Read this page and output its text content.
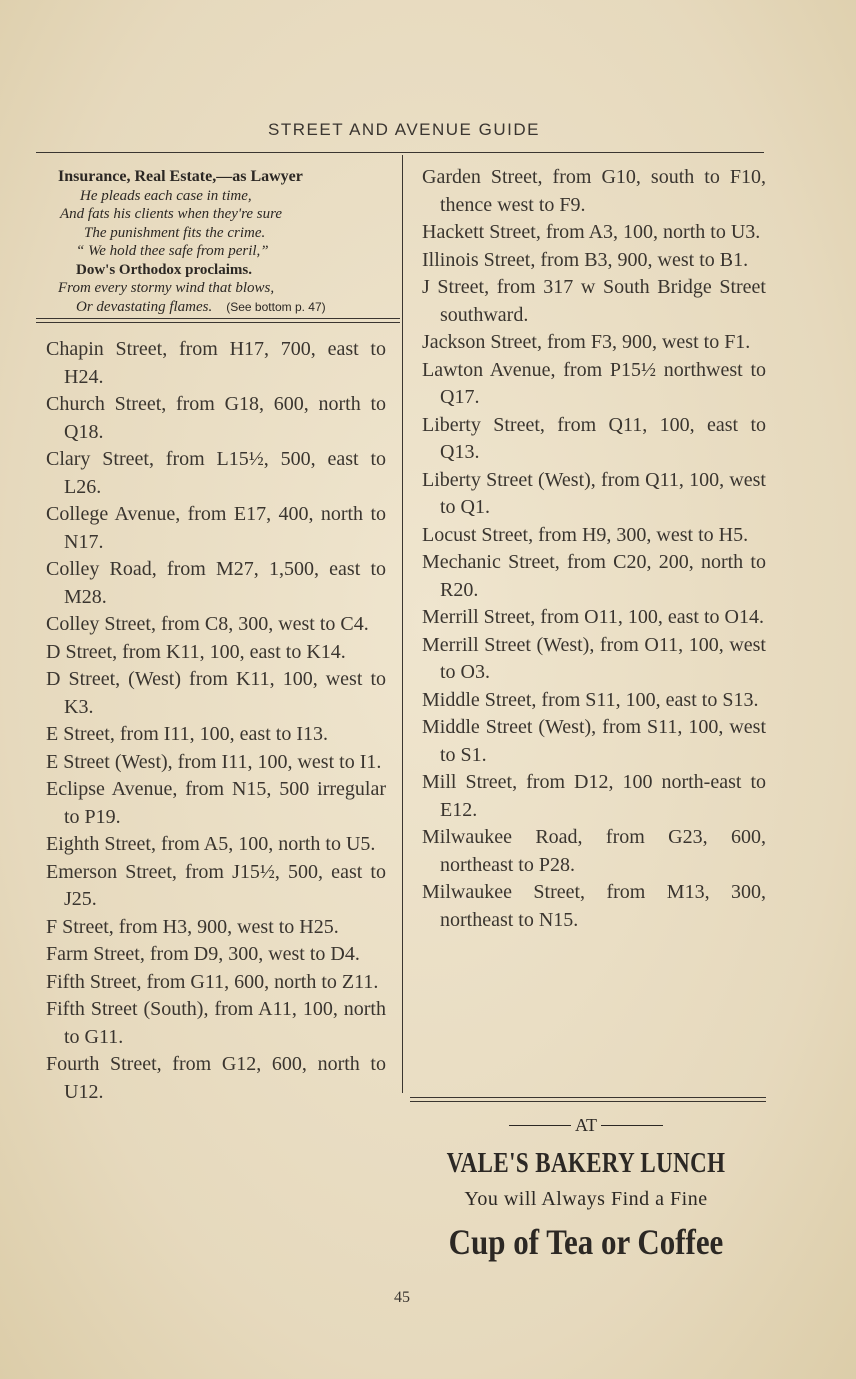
STREET AND AVENUE GUIDE
Insurance, Real Estate,—as Lawyer
He pleads each case in time,
And fats his clients when they're sure
The punishment fits the crime.
“ We hold thee safe from peril,”
Dow's Orthodox proclaims.
From every stormy wind that blows,
Or devastating flames. (See bottom p. 47)
Chapin Street, from H17, 700, east to H24.
Church Street, from G18, 600, north to Q18.
Clary Street, from L15½, 500, east to L26.
College Avenue, from E17, 400, north to N17.
Colley Road, from M27, 1,500, east to M28.
Colley Street, from C8, 300, west to C4.
D Street, from K11, 100, east to K14.
D Street, (West) from K11, 100, west to K3.
E Street, from I11, 100, east to I13.
E Street (West), from I11, 100, west to I1.
Eclipse Avenue, from N15, 500 irregular to P19.
Eighth Street, from A5, 100, north to U5.
Emerson Street, from J15½, 500, east to J25.
F Street, from H3, 900, west to H25.
Farm Street, from D9, 300, west to D4.
Fifth Street, from G11, 600, north to Z11.
Fifth Street (South), from A11, 100, north to G11.
Fourth Street, from G12, 600, north to U12.
Garden Street, from G10, south to F10, thence west to F9.
Hackett Street, from A3, 100, north to U3.
Illinois Street, from B3, 900, west to B1.
J Street, from 317 w South Bridge Street southward.
Jackson Street, from F3, 900, west to F1.
Lawton Avenue, from P15½ northwest to Q17.
Liberty Street, from Q11, 100, east to Q13.
Liberty Street (West), from Q11, 100, west to Q1.
Locust Street, from H9, 300, west to H5.
Mechanic Street, from C20, 200, north to R20.
Merrill Street, from O11, 100, east to O14.
Merrill Street (West), from O11, 100, west to O3.
Middle Street, from S11, 100, east to S13.
Middle Street (West), from S11, 100, west to S1.
Mill Street, from D12, 100 north-east to E12.
Milwaukee Road, from G23, 600, northeast to P28.
Milwaukee Street, from M13, 300, northeast to N15.
AT
VALE'S BAKERY LUNCH
You will Always Find a Fine
Cup of Tea or Coffee
45
